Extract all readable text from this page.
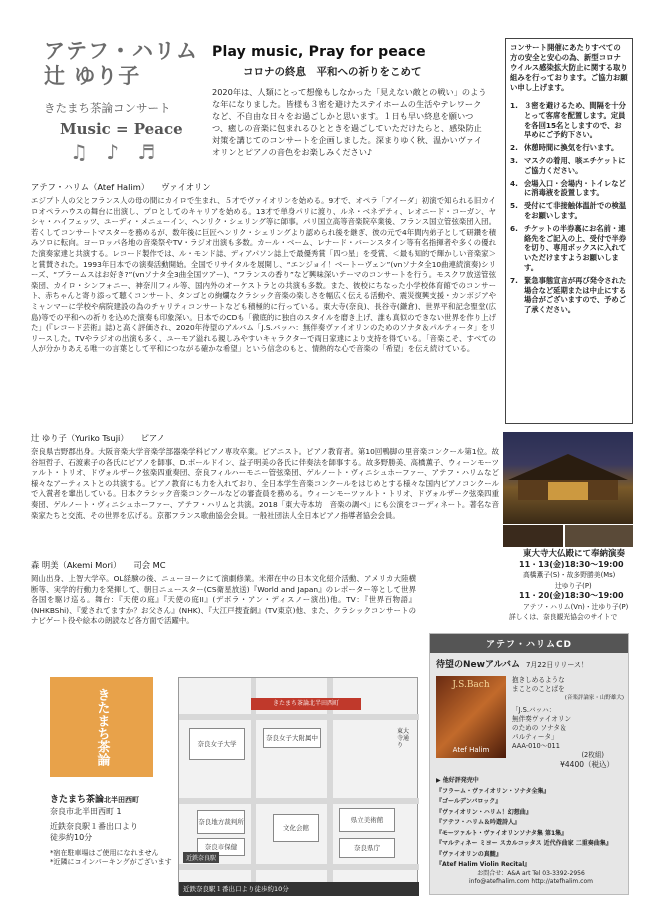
アテフ・ハリム
辻 ゆり子
きたまち茶論コンサート
Music = Peace
♫ ♪ ♬
Play music, Pray for peace
コロナの終息　平和への祈りをこめて
2020年は、人類にとって想像もしなかった「見えない敵との戦い」のような年になりました。皆様も３密を避けたステイホームの生活やテレワークなど、不自由な日々をお過ごしかと思います。１日も早い終息を願いつつ、癒しの音楽に包まれるひとときを過ごしていただけたらと、感染防止対策を講じてのコンサートを企画しました。深まりゆく秋、温かいヴァイオリンとピアノの音色をお楽しみください♪
コンサート開催にあたりすべての方の安全と安心の為、新型コロナウイルス感染拡大防止に関する取り組みを行っております。ご協力お願い申し上げます。
1. ３密を避けるため、間隔を十分とって客席を配置します。定員を各回15名としますので、お早めにご予約下さい。
2. 休憩時間に換気を行います。
3. マスクの着用、咳エチケットにご協力ください。
4. 会場入口・会場内・トイレなどに消毒液を設置します。
5. 受付にて非接触体温計での検温をお願いします。
6. チケットの半券裏にお名前・連絡先をご記入の上、受付で半券を切り、専用ボックスに入れていただけますようお願いします。
7. 緊急事態宣言が再び発令された場合など延期または中止にする場合がございますので、予めご了承ください。
アテフ・ハリム（Atef Halim） ヴァイオリン
エジプト人の父とフランス人の母の間にカイロで生まれ、５才でヴァイオリンを始める。9才で、オペラ「アイーダ」初演で知られる旧カイロオペラハウスの舞台に出演し、プロとしてのキャリアを始める。13才で単身パリに渡り、ルネ・ベネデティ、レオニード・コーガン、ヤシャ・ハイフェッツ、ユーディ・メニューイン、ヘンリク・シェリング等に師事。パリ国立高等音楽院卒業後、フランス国立管弦楽団入団。若くしてコンサートマスターを務めるが、数年後に巨匠ヘンリク・シェリングより認められ後を継ぎ、彼の元で4年間内弟子として研鑽を積みソロに転向。ヨーロッパ各地の音楽祭やTV・ラジオ出演も多数。カール・ベーム、レナード・バーンスタイン等有名指揮者や多くの優れた演奏家達と共演する。レコード製作では、ル・モンド誌、ディアパソン誌上で最優秀賞「四つ星」を受賞、＜最も知的で輝かしい音楽家＞と賞賛された。1993年日本での演奏活動開始。全国でリサイタルを展開し、“エンジョイ！ベートーヴェン”(vnソナタ全10曲連続演奏)シリーズ、“ブラームスはお好き?”(vnソナタ全3曲全国ツアー)、“フランスの香り”など興味深いテーマのコンサートを行う。モスクワ放送管弦楽団、カイロ・シンフォニー、神奈川フィル等、国内外のオーケストラとの共演も多数。また、彼校にちなった小学校体育館でのコンサート、赤ちゃんと寄り添って聴くコンサート、タンゴとの絢爛なクラシック音楽の楽しさを幅広く伝える活動や、震災復興支援・カンボジアやミャンマーに学校や病院建設の為のチャリティコンサートなども積極的に行っている。東大寺(奈良)、長谷寺(鎌倉)、世界平和記念聖堂(広島)等での平和への祈りを込めた演奏も印象深い。日本でのCDも「徹底的に独自のスタイルを磨き上げ、誰も真似のできない世界を作り上げた」(『レコード芸術』誌)と高く評価され、2020年待望のアルバム「J.S.バッハ：無伴奏ヴァイオリンのためのソナタ＆パルティータ」をリリースした。TVやラジオの出演も多く、ユーモア溢れる親しみやすいキャラクターで両日家達により支持を得ている。「音楽こそ、すべての人が分かりあえる唯一の言葉として平和につながる確かな希望」という信念のもと、情熱的な心で音楽の「希望」を伝え続けている。
辻 ゆり子（Yuriko Tsuji） ピアノ
奈良県吉野郡出身。大阪音楽大学音楽学部器楽学科ピアノ専攻卒業。ピアニスト。ピアノ教育者。第10回鴨脚の里音楽コンクール第1位。故谷垣哲子、石渡素子の各氏にピアノを師事、D.ボールドイン、益子明美の各氏に伴奏法を師事する。故多野勝美、高橋薫子、ウィーンモーツァルト・トリオ、ドヴォルザーク弦楽四重奏団、奈良フィルハーモニー管弦楽団、ゲルノート・ヴィニシュホーファー、アテフ・ハリムなど様々なアーティストとの共演する。ピアノ教育にも力を入れており、全日本学生音楽コンクールをはじめとする様々な国内ピアノコンクールで入賞者を輩出している。日本クラシック音楽コンクールなどの審査員を務める。ウィーンモーツァルト・トリオ、ドヴォルザーク弦楽四重奏団、ゲルノート・ヴィニシュホーファー、アテフ・ハリムと共演。2018「東大寺本坊　音楽の調べ」にも公演をコーディネート。著名な音楽家たちと交流、その世界を広げる。京都フランス歌曲協会会員。一般社団法人全日本ピアノ指導者協会会員。
森 明美（Akemi Mori） 司会 MC
岡山出身、上智大学卒。OL経験の後、ニューヨークにて演劇修業。米滞在中の日本文化紹介活動、アメリカ大陸横断等、実学的行動力を発揮して、朝日ニュースター(CS衛星放送)『World and Japan』のレポーター等として世界各国を駆け巡る。舞台：『天使の庭』『天使の庭II』(デボラ・アン・ディスノー演出)他。TV：『世界百物語』(NHKBShi)、『愛されてますか？お父さん』(NHK)、『大江戸捜査網』(TV東京)他、また、クラシックコンサートのナビゲート役や絵本の朗読など各方面で活躍中。
東大寺大仏殿にて奉納演奏
11・13(金)18:30～19:00
高橋薫子(S)・故多野勝美(Ms)
辻ゆり子(P)
11・20(金)18:30～19:00
アテフ・ハリム(Vn)・辻ゆり子(P)
詳しくは、奈良観光協会のサイトで
アテフ・ハリムCD
待望のNewアルバム 7月22日リリース！
J.S.Bach
Atef Halim
抱きしめるような
まことのことばを
(音楽評論家・山野雄大)
「J.S.バッハ：
無伴奏ヴァイオリン
のための ソナタ＆
パルティータ」
AAA-010～011
(2枚組)
¥4400（税込）
▶ 他好評発売中
『フラーム・ヴァイオリン・ソナタ全集』
『ゴールデンバロック』
『ヴァイオリン・ハリム！幻想曲』
『アテフ・ハリム＆吟遊詩人』
『モーツァルト・ヴァイオリンソナタ集 第1集』
『マルティネー ミヨー スカルコッタス 近代作曲家 二重奏曲集』
『ヴァイオリンの真髄』
『Atef Halim Violin Recital』
お問合せ：A&A art Tel 03-3392-2956
info@atefhalim.com http://atefhalim.com
きたまち茶論
きたまち茶論北半田西町
奈良市北半田西町 1
近鉄奈良駅１番出口より
徒歩約10分
*宿在駐車場はご使用になれません
*近隣にコインパーキングがございます
きたまち茶論北半田西町
奈良女子大学
奈良女子大附属中
文化会館
県立美術館
奈良県庁
奈良地方裁判所
奈良市保健
東大寺通り
近鉄奈良駅
近鉄奈良駅１番出口より徒歩約10分
